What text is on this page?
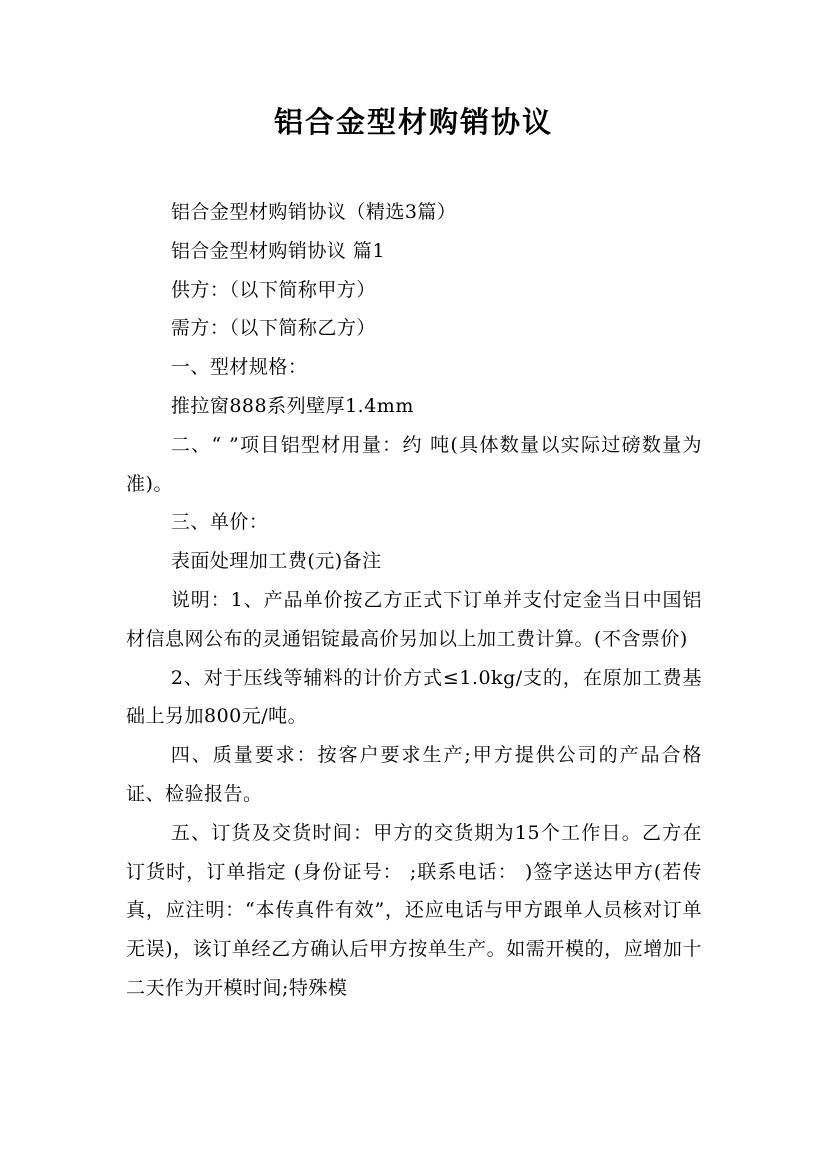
铝合金型材购销协议

铝合金型材购销协议（精选3篇）

铝合金型材购销协议 篇1

供方：（以下简称甲方）

需方：（以下简称乙方）

一、型材规格：

推拉窗888系列壁厚1.4mm

二、“ ”项目铝型材用量：约 吨(具体数量以实际过磅数量为准)。

三、单价：

表面处理加工费(元)备注

说明：1、产品单价按乙方正式下订单并支付定金当日中国铝材信息网公布的灵通铝锭最高价另加以上加工费计算。(不含票价)

2、对于压线等辅料的计价方式≤1.0kg/支的，在原加工费基础上另加800元/吨。

四、质量要求：按客户要求生产;甲方提供公司的产品合格证、检验报告。

五、订货及交货时间：甲方的交货期为15个工作日。乙方在订货时，订单指定 (身份证号： ;联系电话： )签字送达甲方(若传真，应注明：“本传真件有效”，还应电话与甲方跟单人员核对订单无误)，该订单经乙方确认后甲方按单生产。如需开模的，应增加十二天作为开模时间;特殊模
